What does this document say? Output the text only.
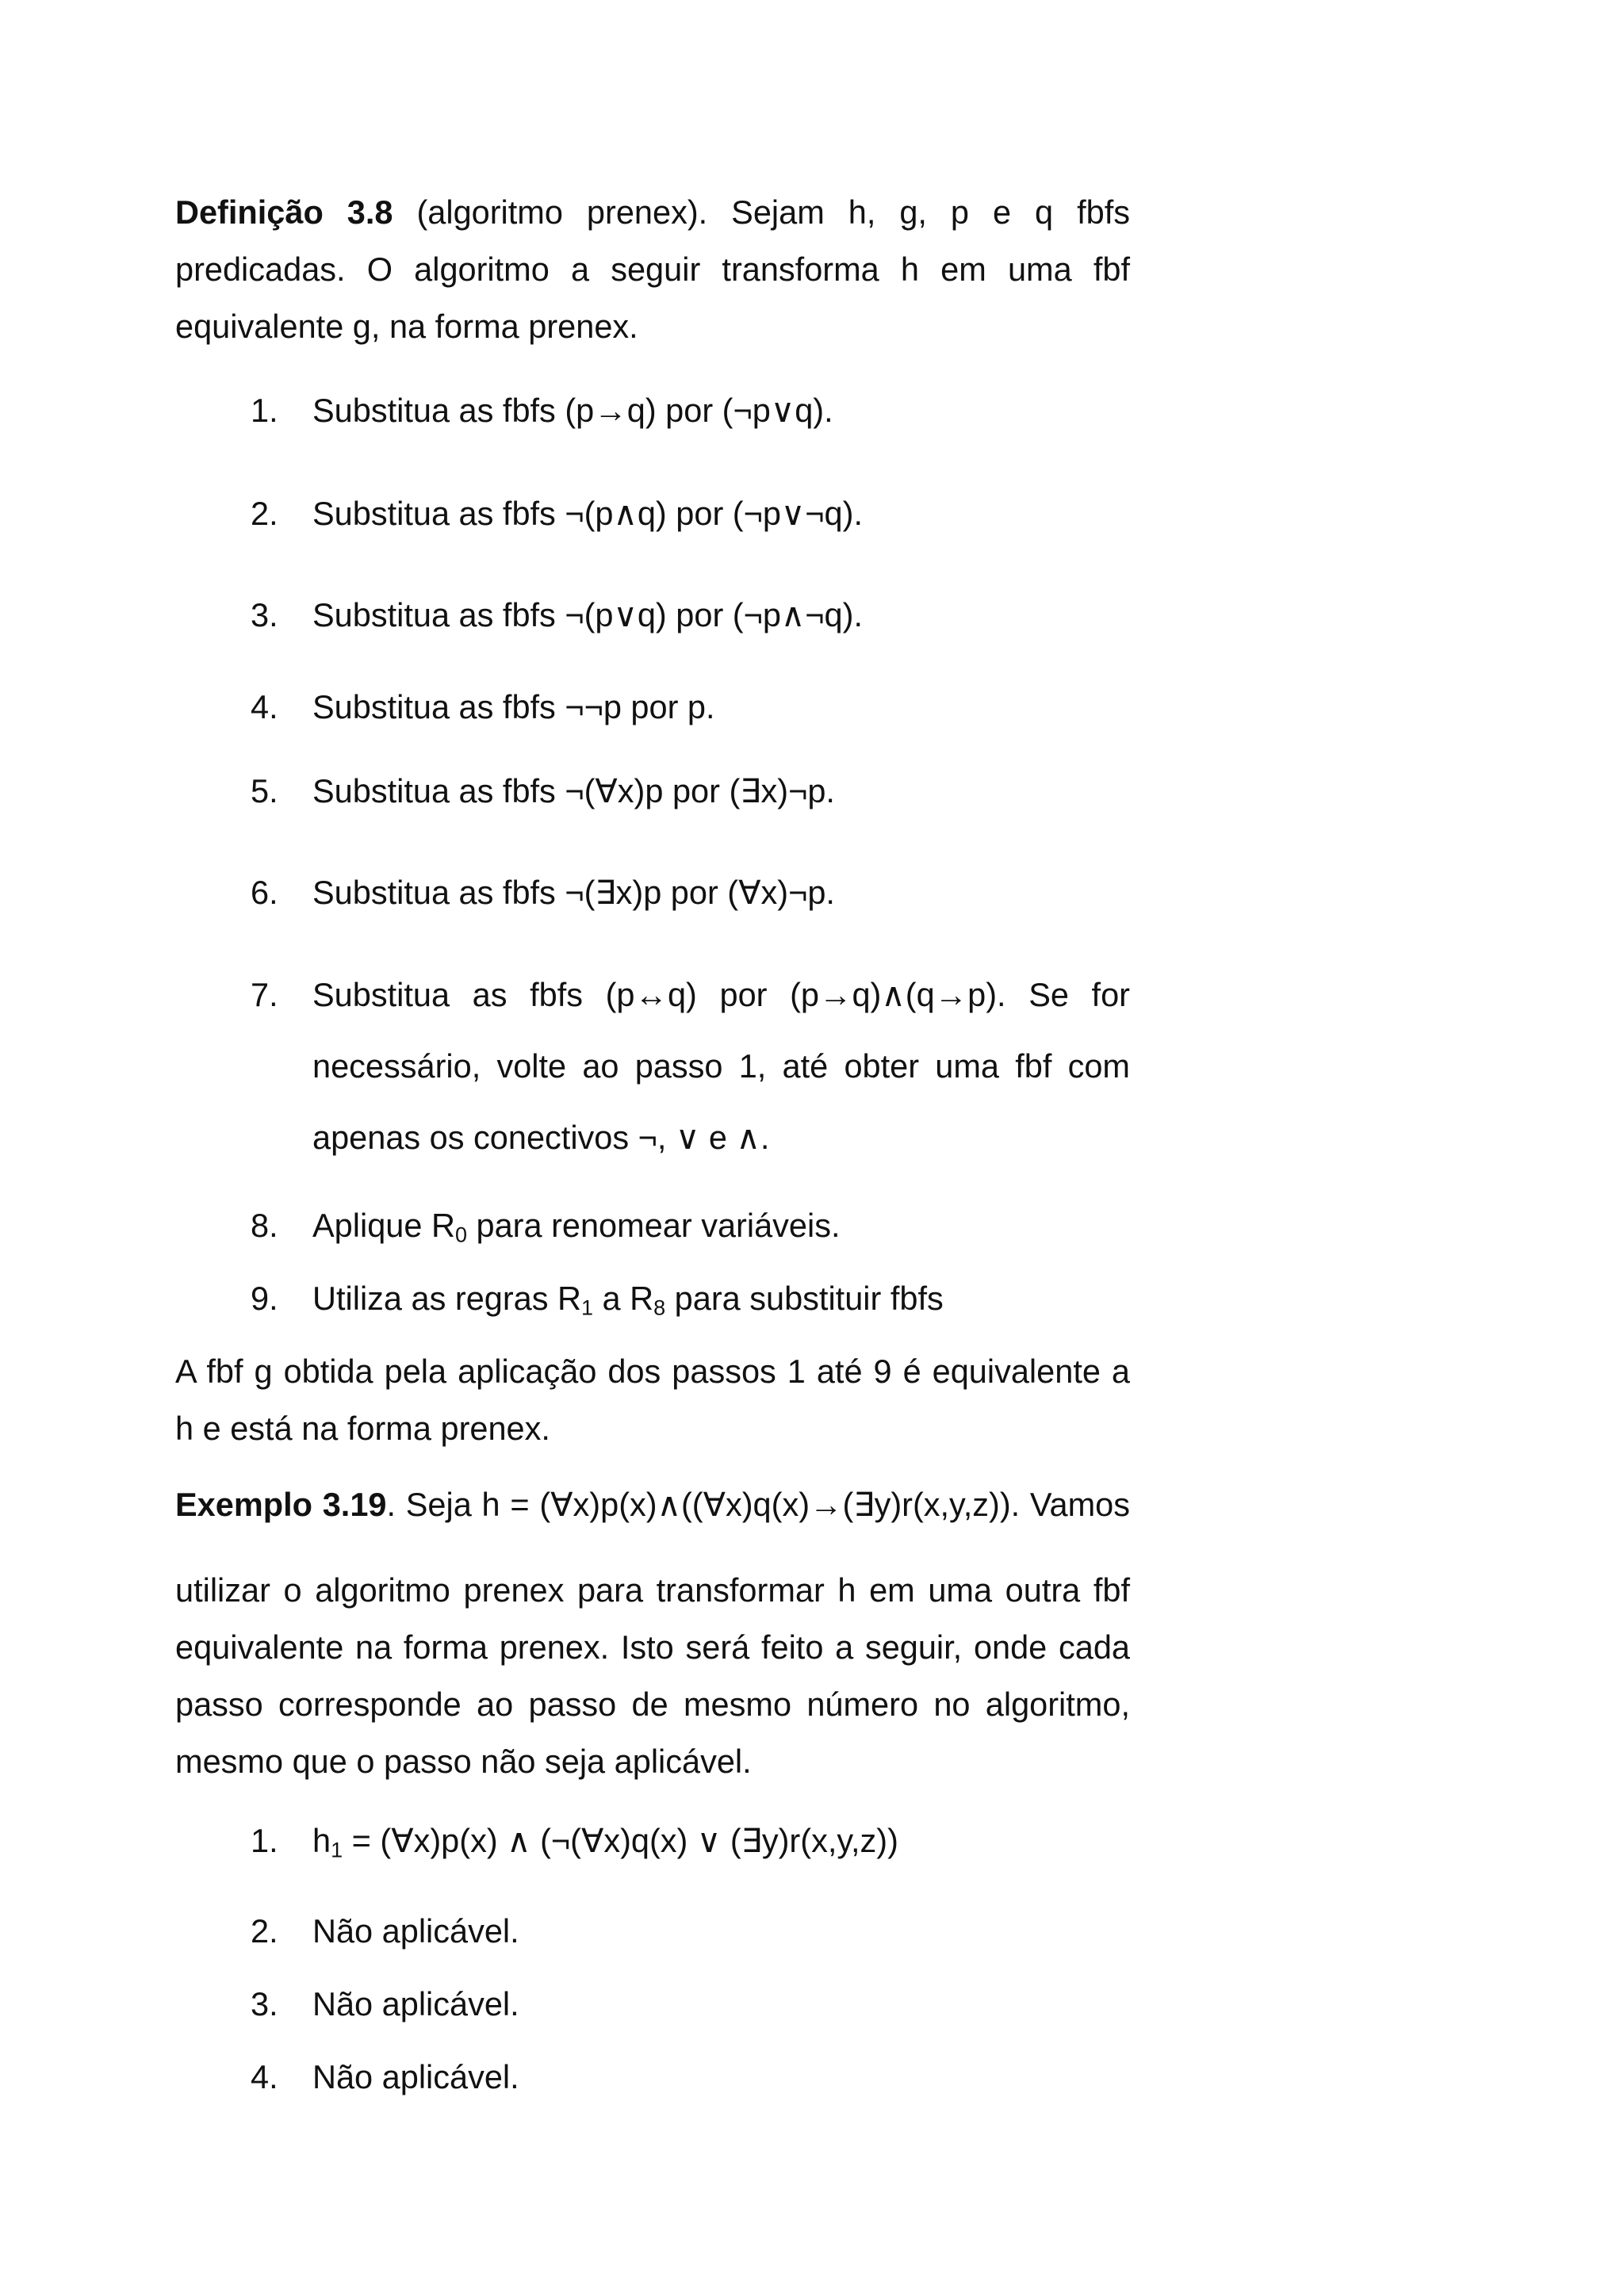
Definição 3.8 (algoritmo prenex). Sejam h, g, p e q fbfs
predicadas. O algoritmo a seguir transforma h em uma fbf
equivalente g, na forma prenex.
1. Substitua as fbfs (p→q) por (¬p∨q).
2. Substitua as fbfs ¬(p∧q) por (¬p∨¬q).
3. Substitua as fbfs ¬(p∨q) por (¬p∧¬q).
4. Substitua as fbfs ¬¬p por p.
5. Substitua as fbfs ¬(∀x)p por (∃x)¬p.
6. Substitua as fbfs ¬(∃x)p por (∀x)¬p.
7. Substitua as fbfs (p↔q) por (p→q)∧(q→p). Se for
necessário, volte ao passo 1, até obter uma fbf com
apenas os conectivos ¬, ∨ e ∧.
8. Aplique $R_0$ para renomear variáveis.
9. Utiliza as regras $R_1$ a $R_8$ para substituir fbfs
A fbf g obtida pela aplicação dos passos 1 até 9 é equivalente a
h e está na forma prenex.
Exemplo 3.19. Seja h = (∀x)p(x)∧((∀x)q(x)→(∃y)r(x,y,z)). Vamos
utilizar o algoritmo prenex para transformar h em uma outra fbf
equivalente na forma prenex. Isto será feito a seguir, onde cada
passo corresponde ao passo de mesmo número no algoritmo,
mesmo que o passo não seja aplicável.
1. $h_1$ = (∀x)p(x) ∧ (¬(∀x)q(x) ∨ (∃y)r(x,y,z))
2. Não aplicável.
3. Não aplicável.
4. Não aplicável.
